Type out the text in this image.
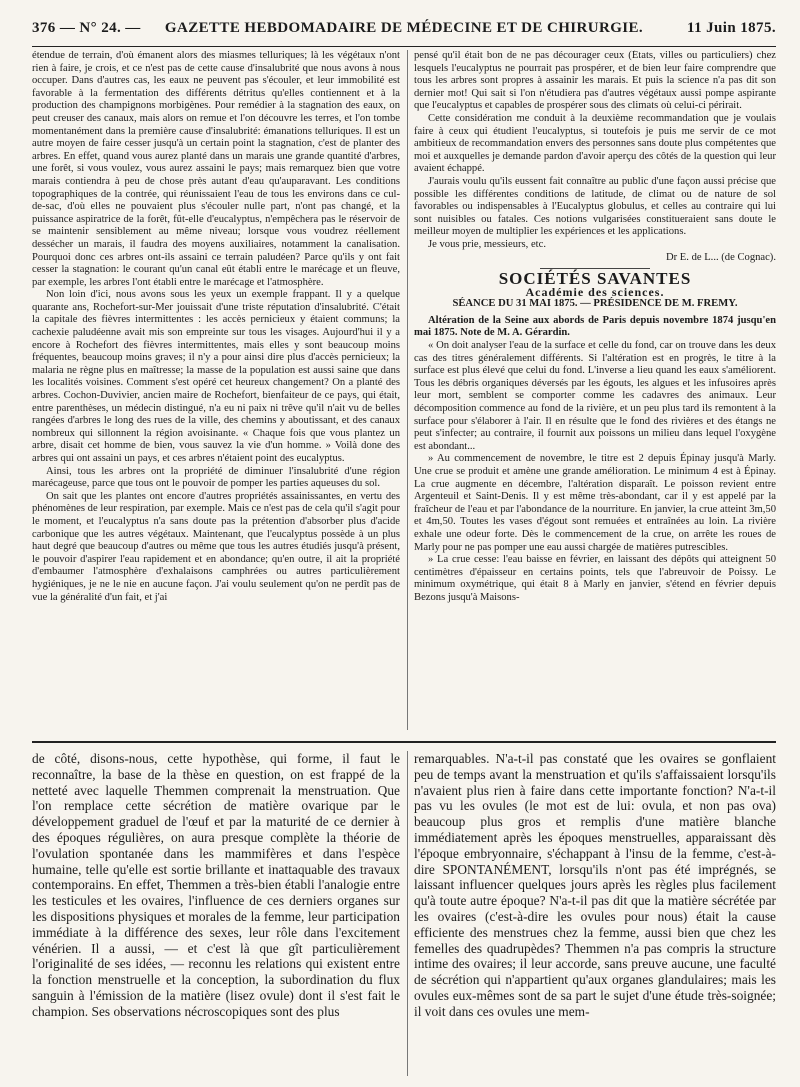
376 — N° 24. — GAZETTE HEBDOMADAIRE DE MÉDECINE ET DE CHIRURGIE.	11 Juin 1875.

étendue de terrain, d'où émanent alors des miasmes telluriques; là les végétaux n'ont rien à faire, je crois, et ce n'est pas de cette cause d'insalubrité que nous avons à nous occuper. Dans d'autres cas, les eaux ne peuvent pas s'écouler, et leur immobilité est favorable à la fermentation des différents détritus qu'elles contiennent et à la production des champignons morbigènes. Pour remédier à la stagnation des eaux, on peut creuser des canaux, mais alors on remue et l'on découvre les terres, et l'on tombe momentanément dans la première cause d'insalubrité: émanations telluriques. Il est un autre moyen de faire cesser jusqu'à un certain point la stagnation, c'est de planter des arbres. En effet, quand vous aurez planté dans un marais une grande quantité d'arbres, une forêt, si vous voulez, vous aurez assaini le pays; mais remarquez bien que votre marais contiendra à peu de chose près autant d'eau qu'auparavant. Les conditions topographiques de la contrée, qui réunissaient l'eau de tous les environs dans ce cul-de-sac, d'où elles ne pouvaient plus s'écouler nulle part, n'ont pas changé, et la puissance aspiratrice de la forêt, fût-elle d'eucalyptus, n'empêchera pas le réservoir de se maintenir sensiblement au même niveau; lorsque vous voudrez réellement dessécher un marais, il faudra des moyens auxiliaires, notamment la canalisation. Pourquoi donc ces arbres ont-ils assaini ce terrain paludéen? Parce qu'ils y ont fait cesser la stagnation: le courant qu'un canal eût établi entre le marécage et un fleuve, par exemple, les arbres l'ont établi entre le marécage et l'atmosphère.

Non loin d'ici, nous avons sous les yeux un exemple frappant. Il y a quelque quarante ans, Rochefort-sur-Mer jouissait d'une triste réputation d'insalubrité. C'était la capitale des fièvres intermittentes : les accès pernicieux y étaient communs; la cachexie paludéenne avait mis son empreinte sur tous les visages. Aujourd'hui il y a encore à Rochefort des fièvres intermittentes, mais elles y sont beaucoup moins fréquentes, beaucoup moins graves; il n'y a pour ainsi dire plus d'accès pernicieux; la malaria ne règne plus en maîtresse; la masse de la population est aussi saine que dans les localités voisines. Comment s'est opéré cet heureux changement? On a planté des arbres. Cochon-Duvivier, ancien maire de Rochefort, bienfaiteur de ce pays, qui était, entre parenthèses, un médecin distingué, n'a eu ni paix ni trêve qu'il n'ait vu de belles rangées d'arbres le long des rues de la ville, des chemins y aboutissant, et des canaux nombreux qui sillonnent la région avoisinante. « Chaque fois que vous plantez un arbre, disait cet homme de bien, vous sauvez la vie d'un homme. » Voilà done des arbres qui ont assaini un pays, et ces arbres n'étaient point des eucalyptus.

Ainsi, tous les arbres ont la propriété de diminuer l'insalubrité d'une région marécageuse, parce que tous ont le pouvoir de pomper les parties aqueuses du sol.

On sait que les plantes ont encore d'autres propriétés assainissantes, en vertu des phénomènes de leur respiration, par exemple. Mais ce n'est pas de cela qu'il s'agit pour le moment, et l'eucalyptus n'a sans doute pas la prétention d'absorber plus d'acide carbonique que les autres végétaux. Maintenant, que l'eucalyptus possède à un plus haut degré que beaucoup d'autres ou même que tous les autres étudiés jusqu'à présent, le pouvoir d'aspirer l'eau rapidement et en abondance; qu'en outre, il ait la propriété d'embaumer l'atmosphère d'exhalaisons camphrées ou autres particulièrement hygiéniques, je ne le nie en aucune façon. J'ai voulu seulement qu'on ne perdît pas de vue la généralité d'un fait, et j'ai

pensé qu'il était bon de ne pas décourager ceux (États, villes ou particuliers) chez lesquels l'eucalyptus ne pourrait pas prospérer, et de bien leur faire comprendre que tous les arbres sont propres à assainir les marais. Et puis la science n'a pas dit son dernier mot! Qui sait si l'on n'étudiera pas d'autres végétaux aussi pompe aspirante que l'eucalyptus et capables de prospérer sous des climats où celui-ci périrait.

Cette considération me conduit à la deuxième recommandation que je voulais faire à ceux qui étudient l'eucalyptus, si toutefois je puis me servir de ce mot ambitieux de recommandation envers des personnes sans doute plus compétentes que moi et auxquelles je demande pardon d'avoir aperçu des côtés de la question qui leur avaient échappé.

J'aurais voulu qu'ils eussent fait connaître au public d'une façon aussi précise que possible les différentes conditions de latitude, de climat ou de nature de sol favorables ou indispensables à l'Eucalyptus globulus, et celles au contraire qui lui sont nuisibles ou fatales. Ces notions vulgarisées constitueraient sans doute le meilleur moyen de multiplier les expériences et les applications.

Je vous prie, messieurs, etc.

Dr E. de L... (de Cognac).

SOCIÉTÉS SAVANTES

Académie des sciences.

SÉANCE DU 31 MAI 1875. — PRÉSIDENCE DE M. FREMY.

Altération de la Seine aux abords de Paris depuis novembre 1874 jusqu'en mai 1875. Note de M. A. Gérardin.

« On doit analyser l'eau de la surface et celle du fond, car on trouve dans les deux cas des titres généralement différents. Si l'altération est en progrès, le titre à la surface est plus élevé que celui du fond. L'inverse a lieu quand les eaux s'améliorent. Tous les débris organiques déversés par les égouts, les algues et les infusoires après leur mort, semblent se comporter comme les cadavres des animaux. Leur décomposition commence au fond de la rivière, et un peu plus tard ils remontent à la surface pour s'élaborer à l'air. Il en résulte que le fond des rivières et des étangs ne peut s'infecter; au contraire, il fournit aux poissons un milieu dans lequel l'oxygène est abondant...

» Au commencement de novembre, le titre est 2 depuis Épinay jusqu'à Marly. Une crue se produit et amène une grande amélioration. Le minimum 4 est à Épinay. La crue augmente en décembre, l'altération disparaît. Le poisson revient entre Argenteuil et Saint-Denis. Il y est même très-abondant, car il y est appelé par la fraîcheur de l'eau et par l'abondance de la nourriture. En janvier, la crue atteint 3m,50 et 4m,50. Toutes les vases d'égout sont remuées et entraînées au loin. La rivière exhale une odeur forte. Dès le commencement de la crue, on arrête les roues de Marly pour ne pas pomper une eau aussi chargée de matières putrescibles.

» La crue cesse: l'eau baisse en février, en laissant des dépôts qui atteignent 50 centimètres d'épaisseur en certains points, tels que l'abreuvoir de Poissy. Le minimum oxymétrique, qui était 8 à Marly en janvier, s'étend en février depuis Bezons jusqu'à Maisons-

de côté, disons-nous, cette hypothèse, qui forme, il faut le reconnaître, la base de la thèse en question, on est frappé de la netteté avec laquelle Themmen comprenait la menstruation. Que l'on remplace cette sécrétion de matière ovarique par le développement graduel de l'œuf et par la maturité de ce dernier à des époques régulières, on aura presque complète la théorie de l'ovulation spontanée dans les mammifères et dans l'espèce humaine, telle qu'elle est sortie brillante et inattaquable des travaux contemporains. En effet, Themmen a très-bien établi l'analogie entre les testicules et les ovaires, l'influence de ces derniers organes sur les dispositions physiques et morales de la femme, leur participation immédiate à la différence des sexes, leur rôle dans l'excitement vénérien. Il a aussi, — et c'est là que gît particulièrement l'originalité de ses idées, — reconnu les relations qui existent entre la fonction menstruelle et la conception, la subordination du flux sanguin à l'émission de la matière (lisez ovule) dont il s'est fait le champion. Ses observations nécroscopiques sont des plus

remarquables. N'a-t-il pas constaté que les ovaires se gonflaient peu de temps avant la menstruation et qu'ils s'affaissaient lorsqu'ils n'avaient plus rien à faire dans cette importante fonction? N'a-t-il pas vu les ovules (le mot est de lui: ovula, et non pas ova) beaucoup plus gros et remplis d'une matière blanche immédiatement après les époques menstruelles, apparaissant dès l'époque embryonnaire, s'échappant à l'insu de la femme, c'est-à-dire SPONTANÉMENT, lorsqu'ils n'ont pas été imprégnés, se laissant influencer quelques jours après les règles plus facilement qu'à toute autre époque? N'a-t-il pas dit que la matière sécrétée par les ovaires (c'est-à-dire les ovules pour nous) était la cause efficiente des menstrues chez la femme, aussi bien que chez les femelles des quadrupèdes? Themmen n'a pas compris la structure intime des ovaires; il leur accorde, sans preuve aucune, une faculté de sécrétion qui n'appartient qu'aux organes glandulaires; mais les ovules eux-mêmes sont de sa part le sujet d'une étude très-soignée; il voit dans ces ovules une mem-
